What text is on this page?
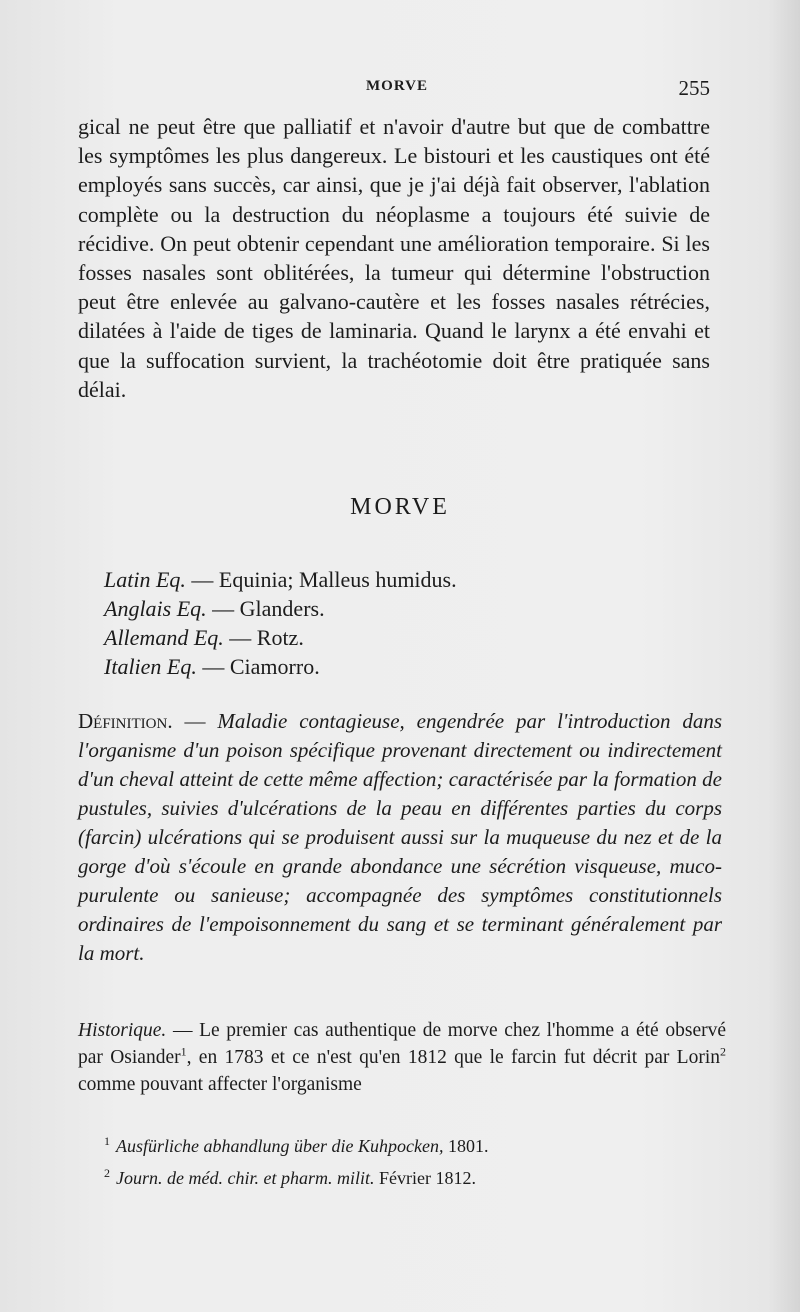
MORVE	255

gical ne peut être que palliatif et n'avoir d'autre but que de combattre les symptômes les plus dangereux. Le bistouri et les caustiques ont été employés sans succès, car ainsi, que je j'ai déjà fait observer, l'ablation complète ou la destruction du néoplasme a toujours été suivie de récidive. On peut obtenir cependant une amélioration temporaire. Si les fosses nasales sont oblitérées, la tumeur qui détermine l'obstruction peut être enlevée au galvano-cautère et les fosses nasales rétrécies, dilatées à l'aide de tiges de laminaria. Quand le larynx a été envahi et que la suffocation survient, la trachéotomie doit être pratiquée sans délai.

MORVE
Latin Eq. — Equinia; Malleus humidus.
Anglais Eq. — Glanders.
Allemand Eq. — Rotz.
Italien Eq. — Ciamorro.

Définition. — Maladie contagieuse, engendrée par l'introduction dans l'organisme d'un poison spécifique provenant directement ou indirectement d'un cheval atteint de cette même affection; caractérisée par la formation de pustules, suivies d'ulcérations de la peau en différentes parties du corps (farcin) ulcérations qui se produisent aussi sur la muqueuse du nez et de la gorge d'où s'écoule en grande abondance une sécrétion visqueuse, muco-purulente ou sanieuse; accompagnée des symptômes constitutionnels ordinaires de l'empoisonnement du sang et se terminant généralement par la mort.

Historique. — Le premier cas authentique de morve chez l'homme a été observé par Osiander$^1$, en 1783 et ce n'est qu'en 1812 que le farcin fut décrit par Lorin$^2$ comme pouvant affecter l'organisme

$^1$ Ausfürliche abhandlung über die Kuhpocken, 1801.
$^2$ Journ. de méd. chir. et pharm. milit. Février 1812.
